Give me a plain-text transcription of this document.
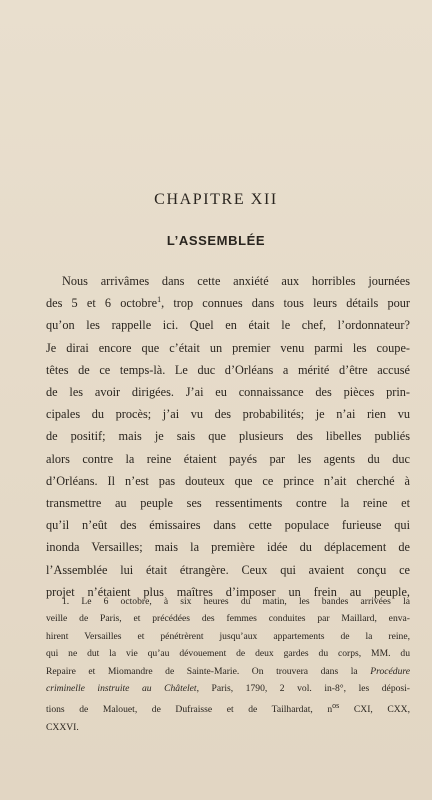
CHAPITRE XII
L’ASSEMBLÉE
Nous arrivâmes dans cette anxiété aux horribles journées
des 5 et 6 octobre$^1$, trop connues dans tous leurs détails pour
qu’on les rappelle ici. Quel en était le chef, l’ordonnateur?
Je dirai encore que c’était un premier venu parmi les coupe-
têtes de ce temps-là. Le duc d’Orléans a mérité d’être accusé
de les avoir dirigées. J’ai eu connaissance des pièces prin-
cipales du procès; j’ai vu des probabilités; je n’ai rien vu
de positif; mais je sais que plusieurs des libelles publiés
alors contre la reine étaient payés par les agents du duc
d’Orléans. Il n’est pas douteux que ce prince n’ait cherché à
transmettre au peuple ses ressentiments contre la reine et
qu’il n’eût des émissaires dans cette populace furieuse qui
inonda Versailles; mais la première idée du déplacement de
l’Assemblée lui était étrangère. Ceux qui avaient conçu ce
projet n’étaient plus maîtres d’imposer un frein au peuple,
1. Le 6 octobre, à six heures du matin, les bandes arrivées la
veille de Paris, et précédées des femmes conduites par Maillard, enva-
hirent Versailles et pénétrèrent jusqu’aux appartements de la reine,
qui ne dut la vie qu’au dévouement de deux gardes du corps, MM. du
Repaire et Miomandre de Sainte-Marie. On trouvera dans la Procédure
criminelle instruite au Châtelet, Paris, 1790, 2 vol. in-8°, les déposi-
tions de Malouet, de Dufraisse et de Tailhardat, $n^{os}$ CXI, CXX,
CXXVI.
